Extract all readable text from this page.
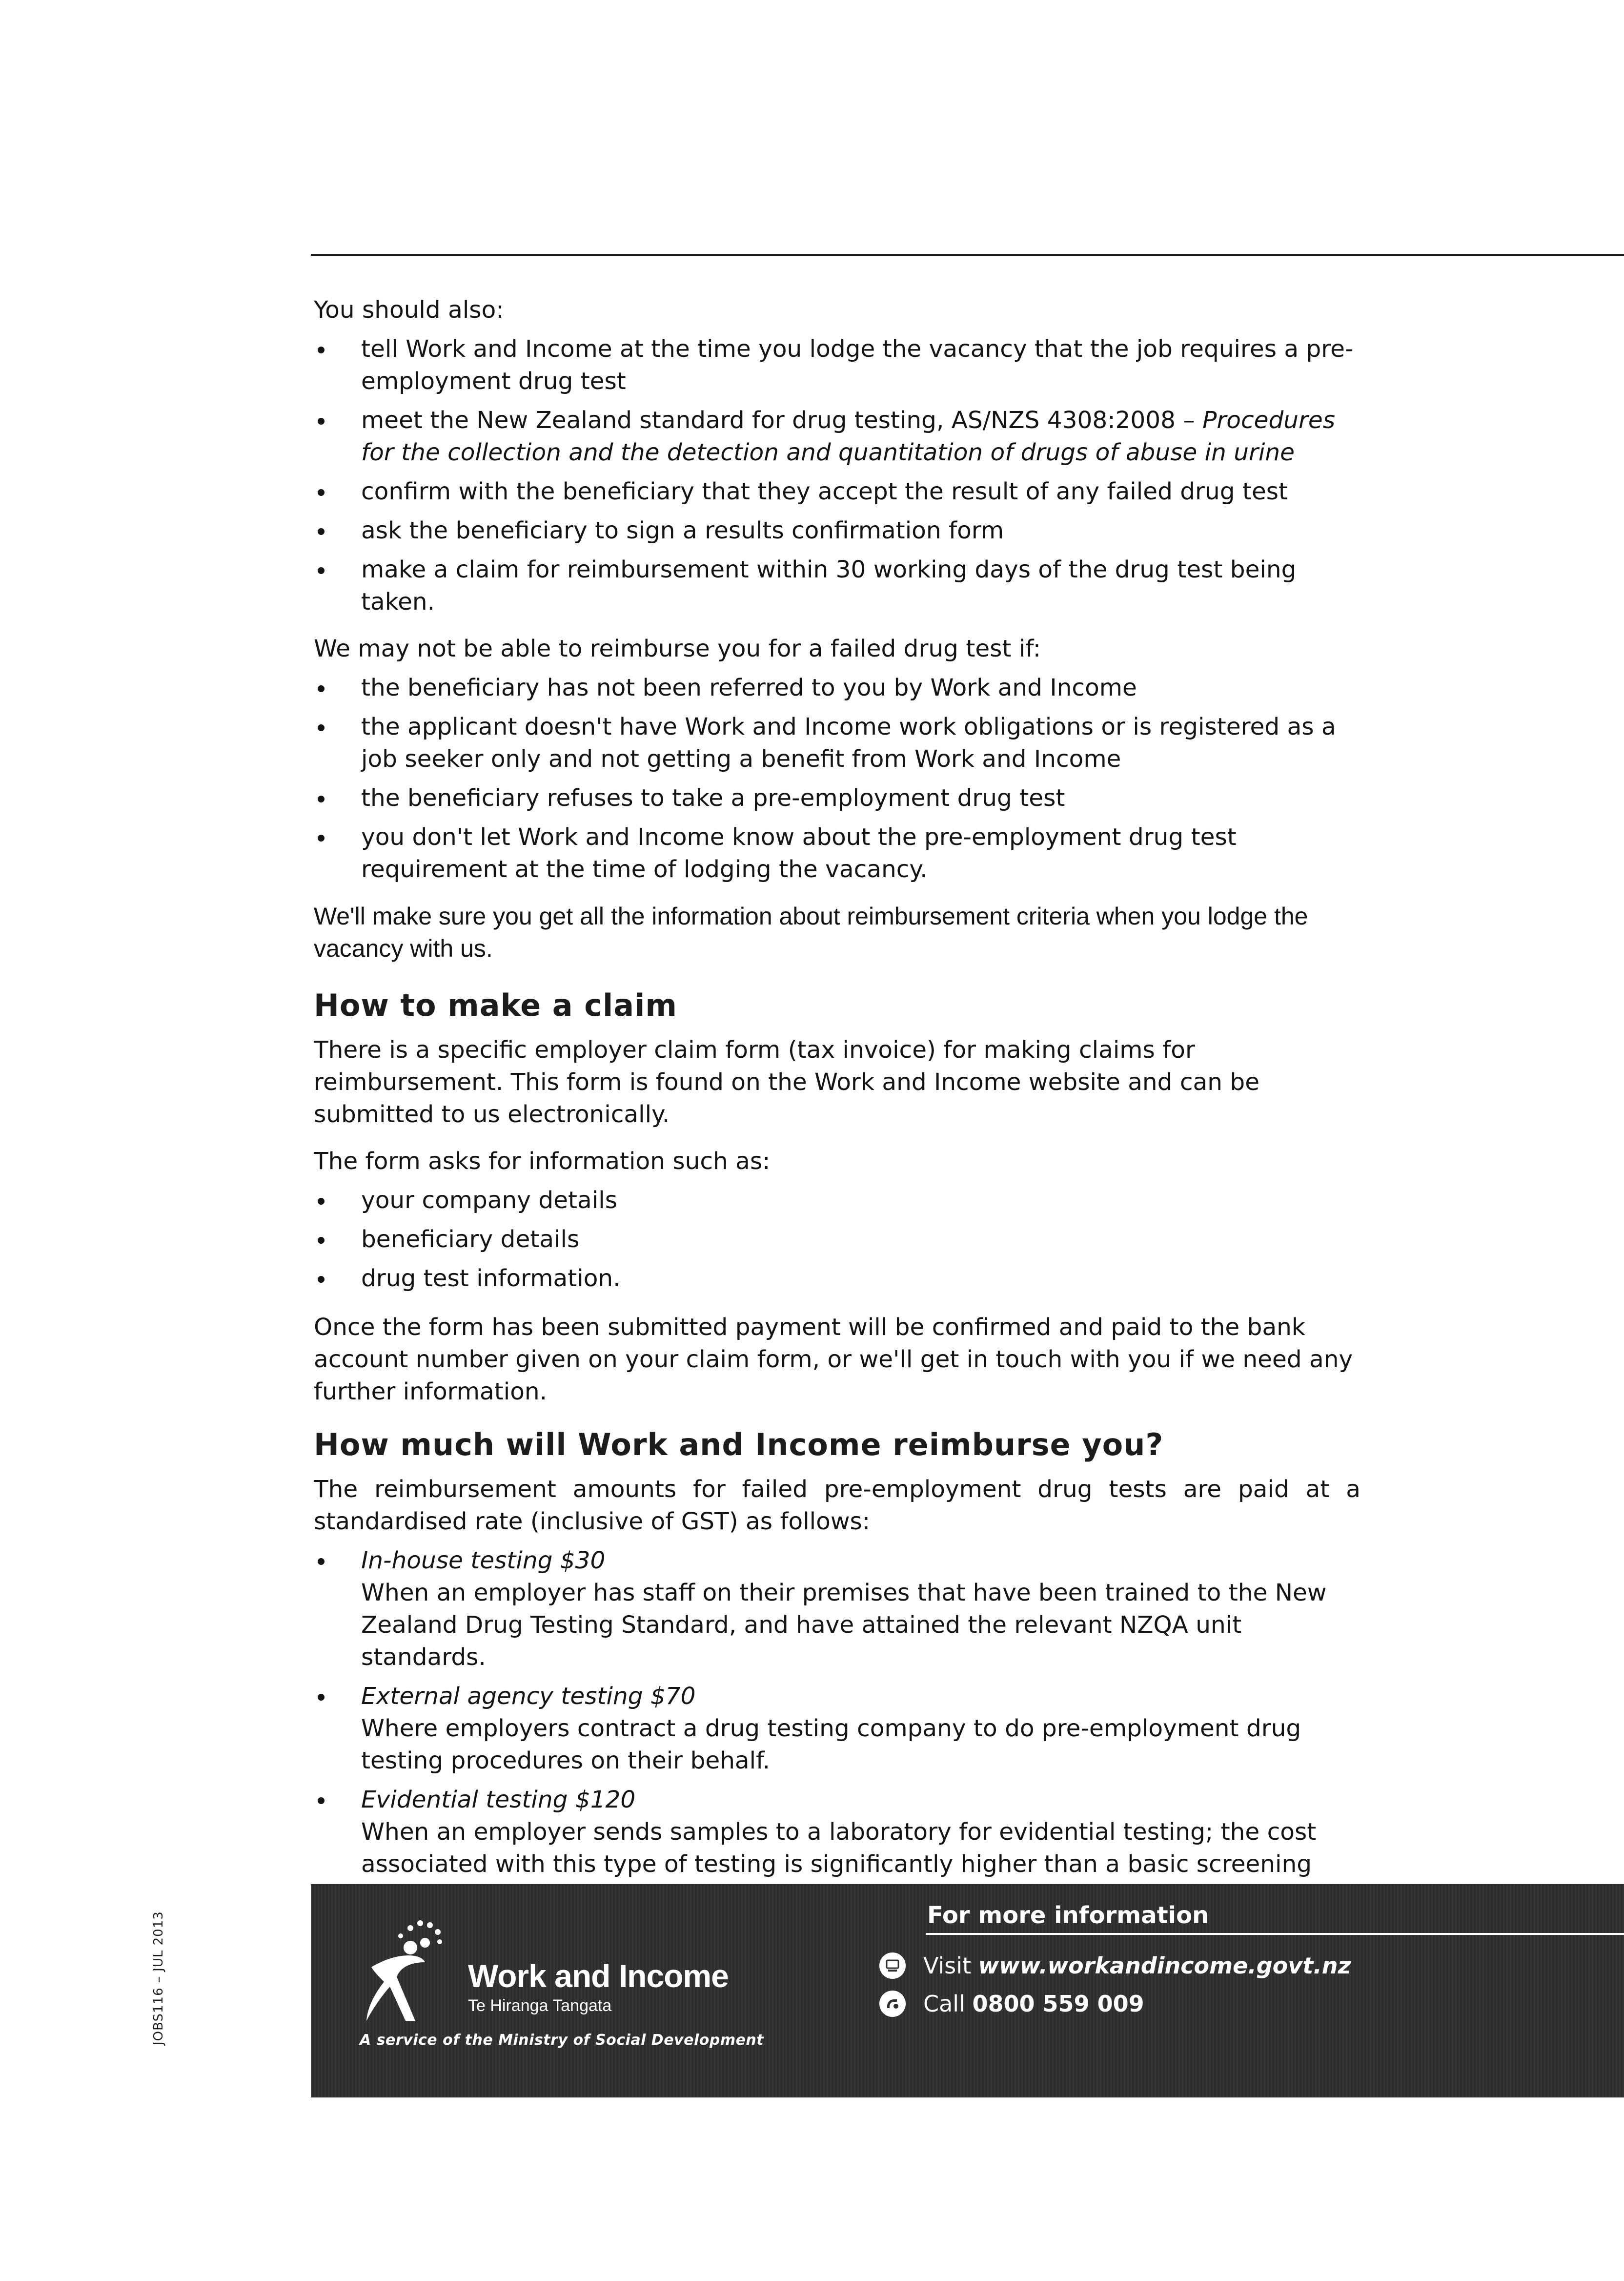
You should also:

tell Work and Income at the time you lodge the vacancy that the job requires a pre-employment drug test
meet the New Zealand standard for drug testing, AS/NZS 4308:2008 – Procedures for the collection and the detection and quantitation of drugs of abuse in urine
confirm with the beneficiary that they accept the result of any failed drug test
ask the beneficiary to sign a results confirmation form
make a claim for reimbursement within 30 working days of the drug test being taken.

We may not be able to reimburse you for a failed drug test if:

the beneficiary has not been referred to you by Work and Income
the applicant doesn't have Work and Income work obligations or is registered as a job seeker only and not getting a benefit from Work and Income
the beneficiary refuses to take a pre-employment drug test
you don't let Work and Income know about the pre-employment drug test requirement at the time of lodging the vacancy.

We'll make sure you get all the information about reimbursement criteria when you lodge the vacancy with us.

How to make a claim

There is a specific employer claim form (tax invoice) for making claims for reimbursement. This form is found on the Work and Income website and can be submitted to us electronically.

The form asks for information such as:

your company details
beneficiary details
drug test information.

Once the form has been submitted payment will be confirmed and paid to the bank account number given on your claim form, or we'll get in touch with you if we need any further information.

How much will Work and Income reimburse you?

The reimbursement amounts for failed pre-employment drug tests are paid at a standardised rate (inclusive of GST) as follows:

In-house testing $30
When an employer has staff on their premises that have been trained to the New Zealand Drug Testing Standard, and have attained the relevant NZQA unit standards.
External agency testing $70
Where employers contract a drug testing company to do pre-employment drug testing procedures on their behalf.
Evidential testing $120
When an employer sends samples to a laboratory for evidential testing; the cost associated with this type of testing is significantly higher than a basic screening
Work and Income
Te Hiranga Tangata
A service of the Ministry of Social Development
For more information
Visit
www.workandincome.govt.nz
Call
0800 559 009
JOBS116 – JUL 2013
